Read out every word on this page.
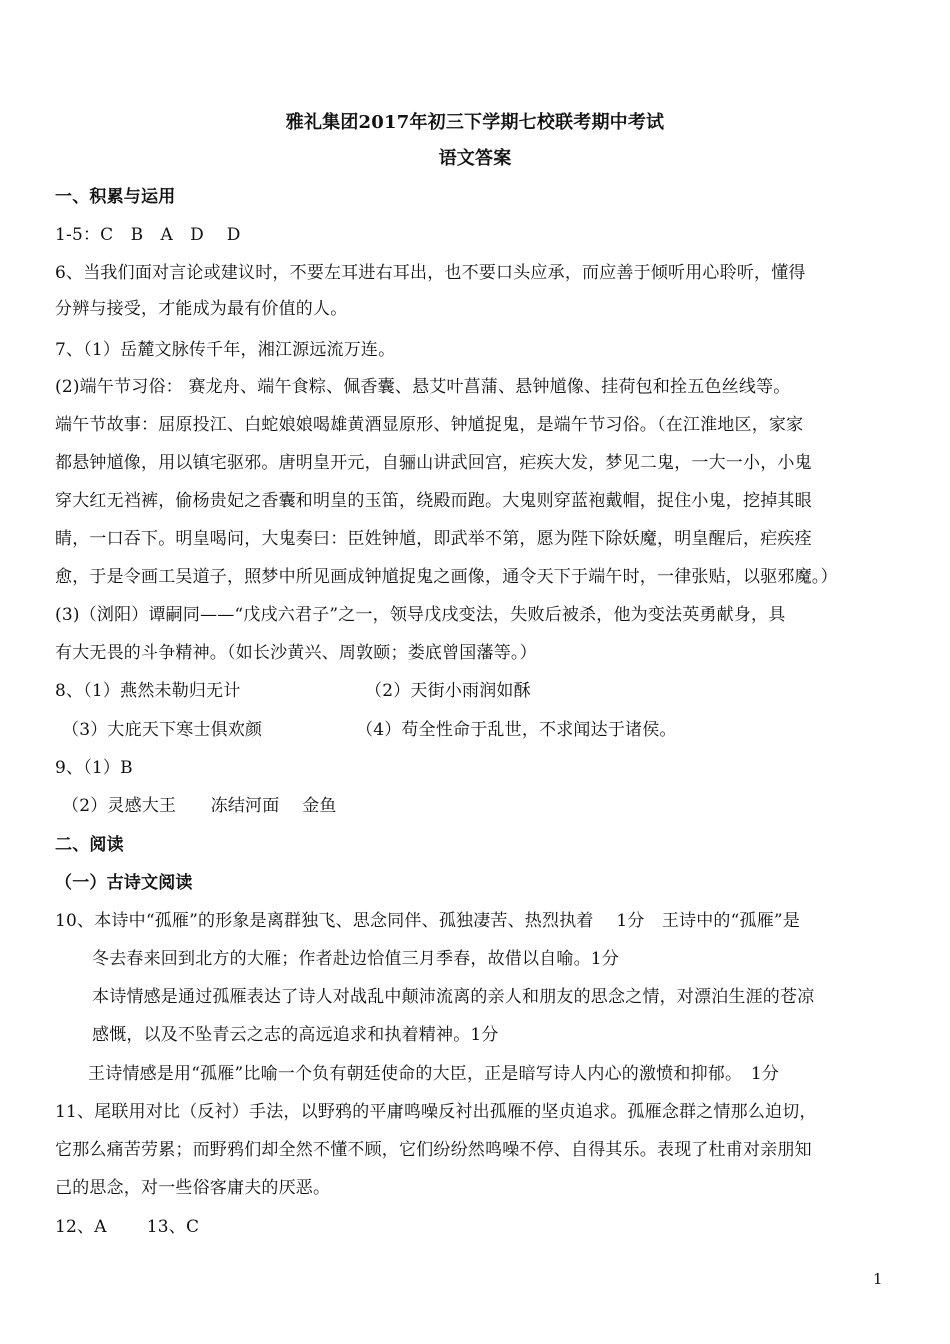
雅礼集团2017年初三下学期七校联考期中考试
语文答案
一、积累与运用
1-5：C　B　A　D　 D
6、当我们面对言论或建议时，不要左耳进右耳出，也不要口头应承，而应善于倾听用心聆听，懂得
分辨与接受，才能成为最有价值的人。
7、（1）岳麓文脉传千年，湘江源远流万连。
(2)端午节习俗： 赛龙舟、端午食粽、佩香囊、悬艾叶菖蒲、悬钟馗像、挂荷包和拴五色丝线等。
端午节故事：屈原投江、白蛇娘娘喝雄黄酒显原形、钟馗捉鬼，是端午节习俗。（在江淮地区，家家
都悬钟馗像，用以镇宅驱邪。唐明皇开元，自骊山讲武回宫，疟疾大发，梦见二鬼，一大一小，小鬼
穿大红无裆裤，偷杨贵妃之香囊和明皇的玉笛，绕殿而跑。大鬼则穿蓝袍戴帽，捉住小鬼，挖掉其眼
睛，一口吞下。明皇喝问，大鬼奏曰：臣姓钟馗，即武举不第，愿为陛下除妖魔，明皇醒后，疟疾痊
愈，于是令画工吴道子，照梦中所见画成钟馗捉鬼之画像，通令天下于端午时，一律张贴，以驱邪魔。）
(3)（浏阳）谭嗣同——“戊戌六君子”之一，领导戊戌变法，失败后被杀，他为变法英勇献身，具
有大无畏的斗争精神。（如长沙黄兴、周敦颐；娄底曾国藩等。）
8、（1）燕然未勒归无计	（2）天街小雨润如酥
（3）大庇天下寒士俱欢颜	（4）苟全性命于乱世，不求闻达于诸侯。
9、（1）B
（2）灵感大王　　冻结河面　 金鱼
二、阅读
（一）古诗文阅读
10、本诗中“孤雁”的形象是离群独飞、思念同伴、孤独凄苦、热烈执着　 1分　王诗中的“孤雁”是
冬去春来回到北方的大雁；作者赴边恰值三月季春，故借以自喻。1分
本诗情感是通过孤雁表达了诗人对战乱中颠沛流离的亲人和朋友的思念之情，对漂泊生涯的苍凉
感慨，以及不坠青云之志的高远追求和执着精神。1分
王诗情感是用“孤雁”比喻一个负有朝廷使命的大臣，正是暗写诗人内心的激愤和抑郁。　1分
11、尾联用对比（反衬）手法，以野鸦的平庸鸣噪反衬出孤雁的坚贞追求。孤雁念群之情那么迫切，
它那么痛苦劳累；而野鸦们却全然不懂不顾，它们纷纷然鸣噪不停、自得其乐。表现了杜甫对亲朋知
己的思念，对一些俗客庸夫的厌恶。
12、A　　 13、C
1
